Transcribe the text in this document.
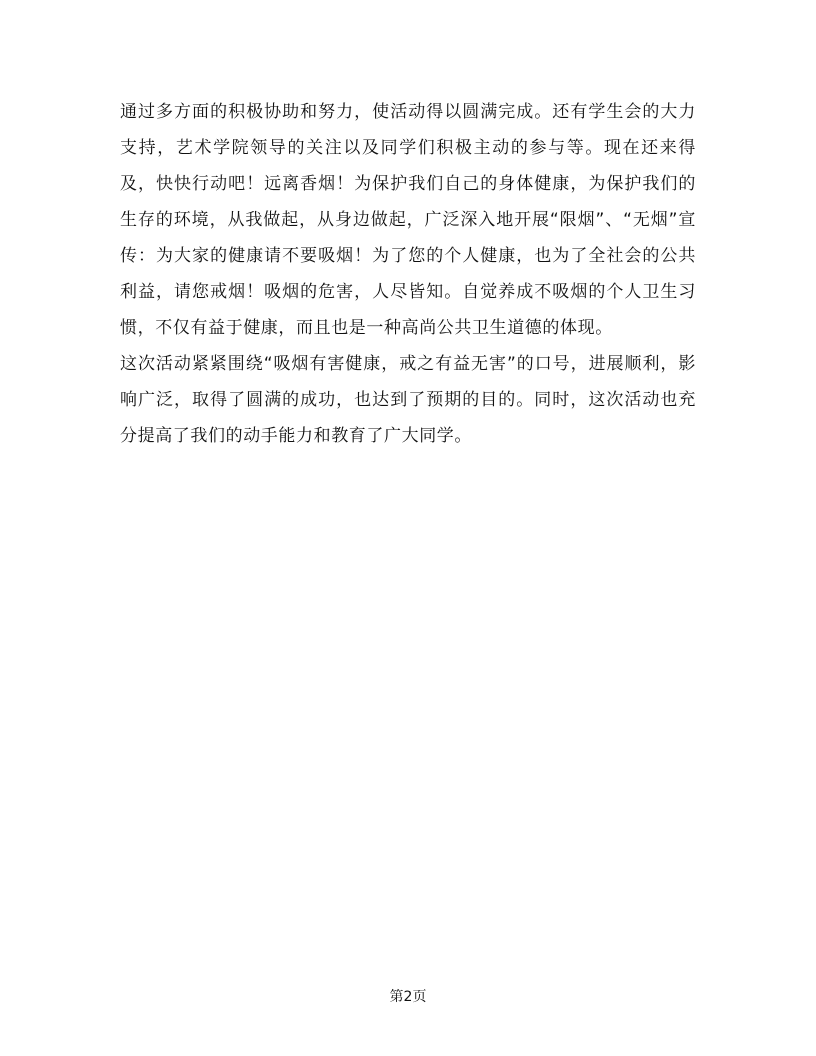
通过多方面的积极协助和努力，使活动得以圆满完成。还有学生会的大力支持，艺术学院领导的关注以及同学们积极主动的参与等。现在还来得及，快快行动吧！远离香烟！为保护我们自己的身体健康，为保护我们的生存的环境，从我做起，从身边做起，广泛深入地开展“限烟”、“无烟”宣传：为大家的健康请不要吸烟！为了您的个人健康，也为了全社会的公共利益，请您戒烟！吸烟的危害，人尽皆知。自觉养成不吸烟的个人卫生习惯，不仅有益于健康，而且也是一种高尚公共卫生道德的体现。

这次活动紧紧围绕“吸烟有害健康，戒之有益无害”的口号，进展顺利，影响广泛，取得了圆满的成功，也达到了预期的目的。同时，这次活动也充分提高了我们的动手能力和教育了广大同学。

第2页
